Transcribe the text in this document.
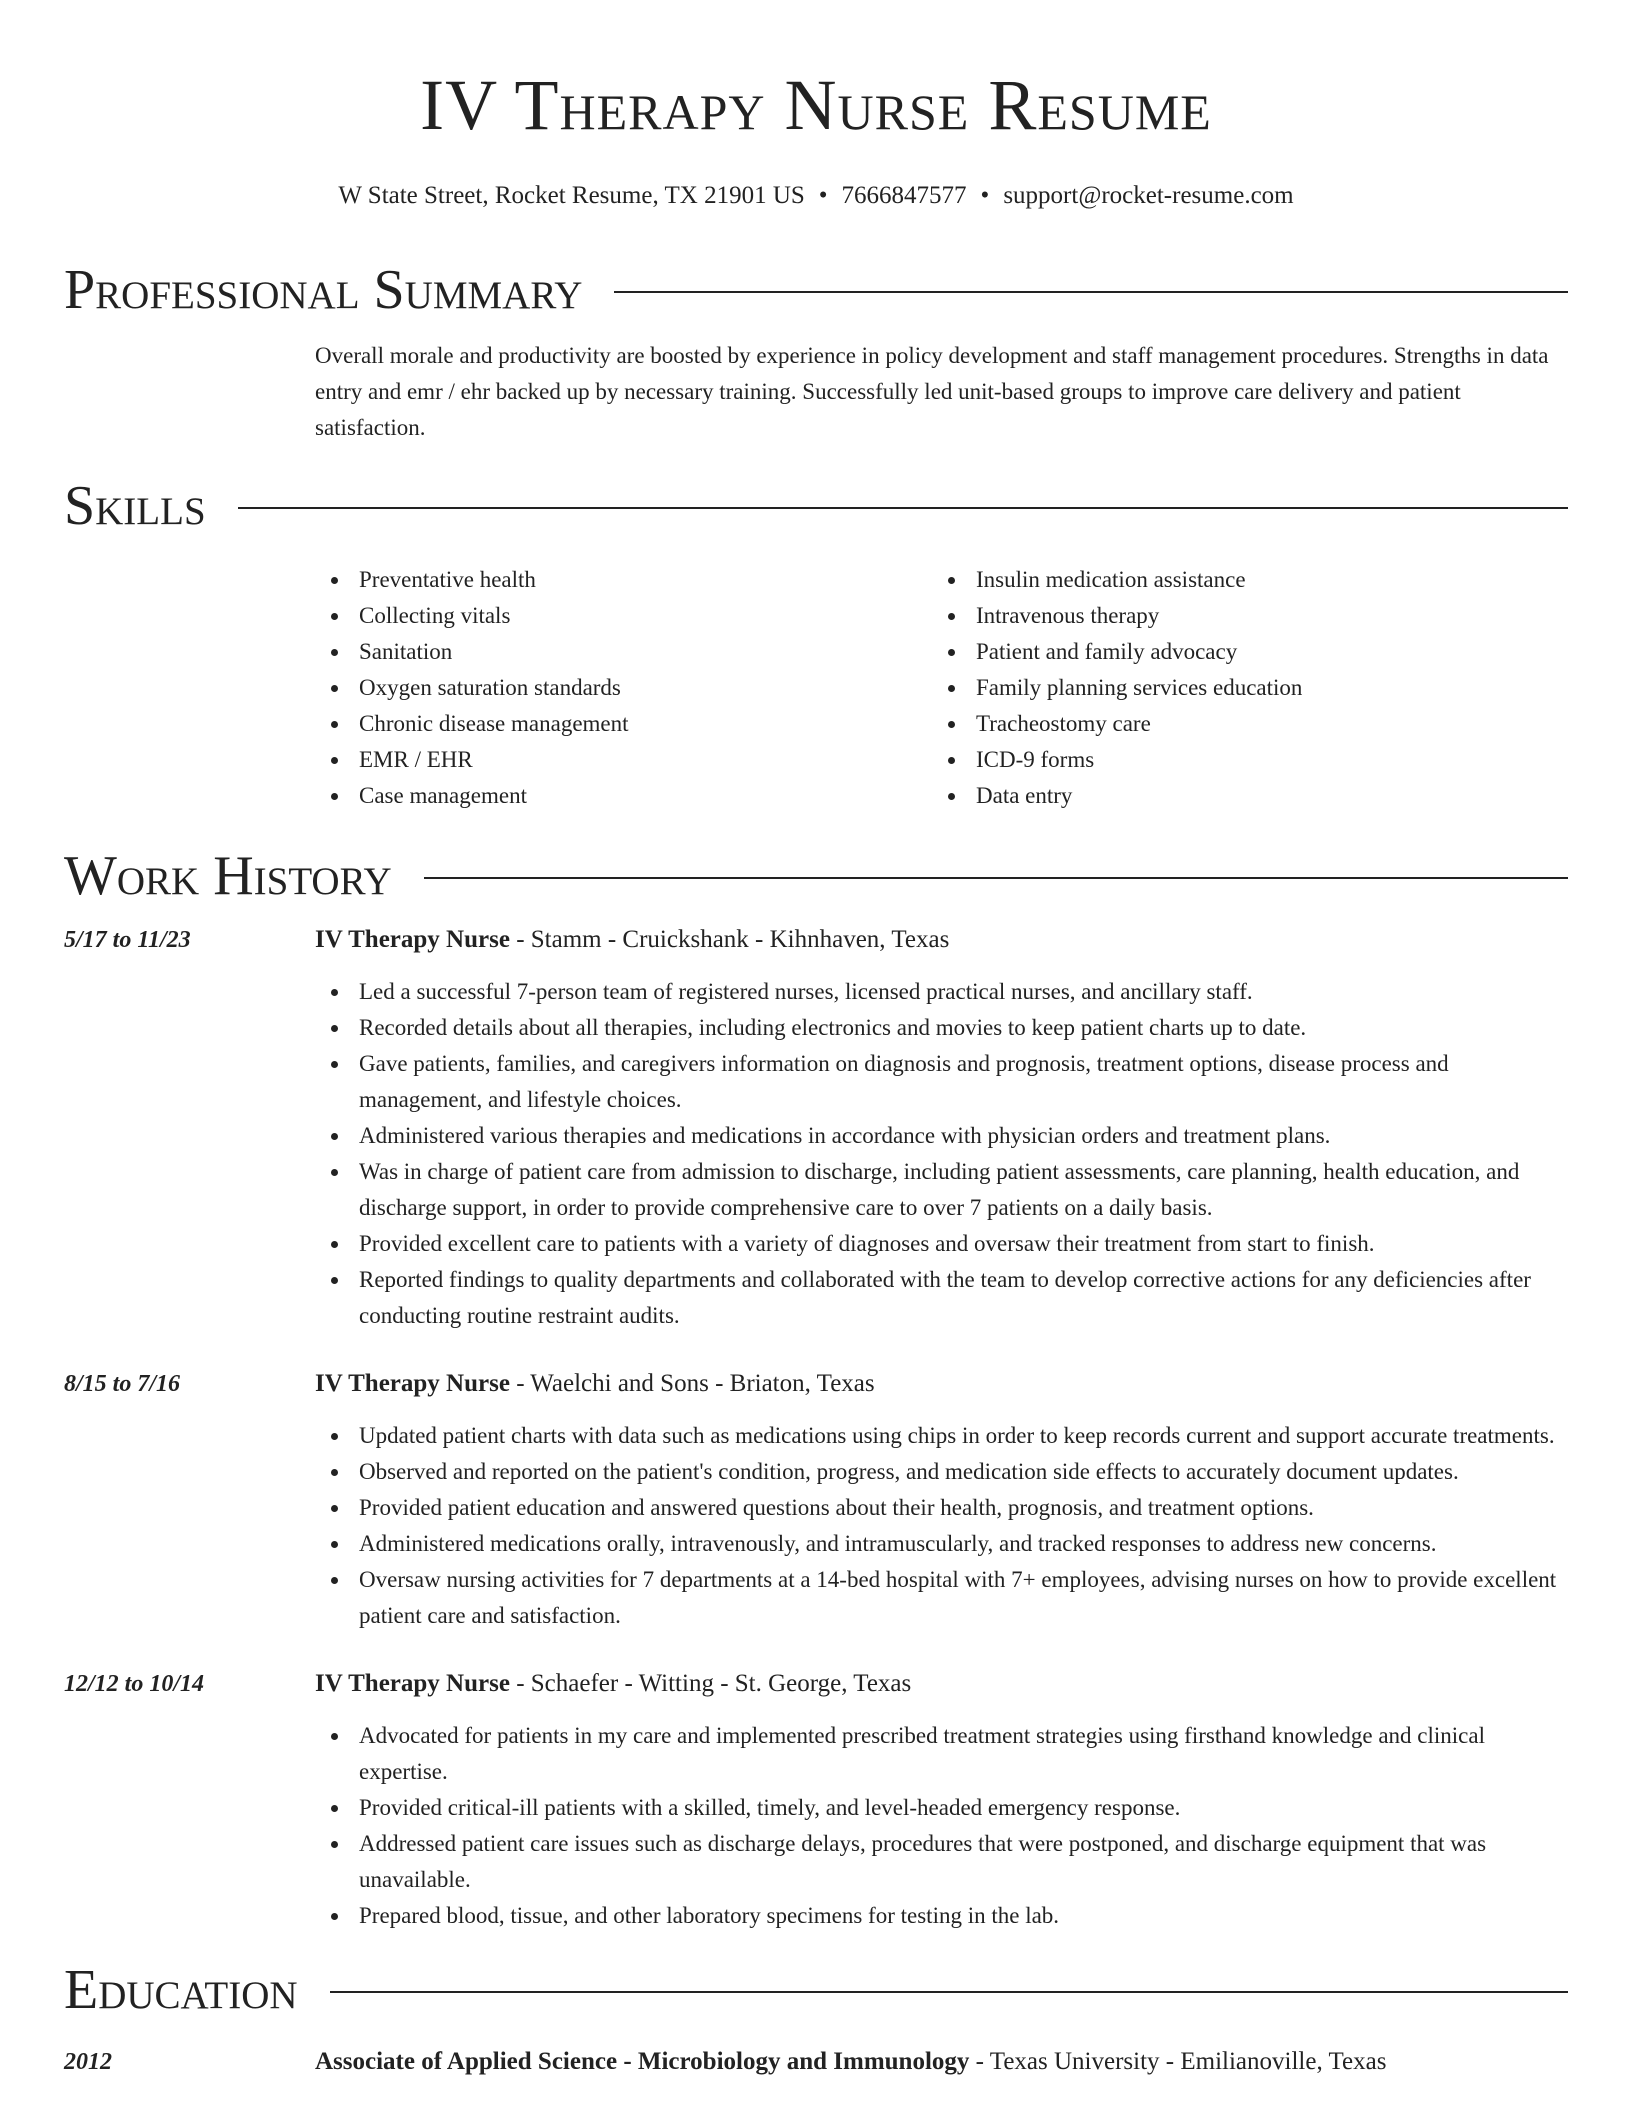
IV Therapy Nurse Resume
W State Street, Rocket Resume, TX 21901 US • 7666847577 • support@rocket-resume.com
Professional Summary

Overall morale and productivity are boosted by experience in policy development and staff management procedures. Strengths in data entry and emr / ehr backed up by necessary training. Successfully led unit-based groups to improve care delivery and patient satisfaction.

Skills
Preventative health
Collecting vitals
Sanitation
Oxygen saturation standards
Chronic disease management
EMR / EHR
Case management
Insulin medication assistance
Intravenous therapy
Patient and family advocacy
Family planning services education
Tracheostomy care
ICD-9 forms
Data entry
Work History
5/17 to 11/23	IV Therapy Nurse - Stamm - Cruickshank - Kihnhaven, Texas
Led a successful 7-person team of registered nurses, licensed practical nurses, and ancillary staff.
Recorded details about all therapies, including electronics and movies to keep patient charts up to date.
Gave patients, families, and caregivers information on diagnosis and prognosis, treatment options, disease process and management, and lifestyle choices.
Administered various therapies and medications in accordance with physician orders and treatment plans.
Was in charge of patient care from admission to discharge, including patient assessments, care planning, health education, and discharge support, in order to provide comprehensive care to over 7 patients on a daily basis.
Provided excellent care to patients with a variety of diagnoses and oversaw their treatment from start to finish.
Reported findings to quality departments and collaborated with the team to develop corrective actions for any deficiencies after conducting routine restraint audits.
8/15 to 7/16	IV Therapy Nurse - Waelchi and Sons - Briaton, Texas
Updated patient charts with data such as medications using chips in order to keep records current and support accurate treatments.
Observed and reported on the patient's condition, progress, and medication side effects to accurately document updates.
Provided patient education and answered questions about their health, prognosis, and treatment options.
Administered medications orally, intravenously, and intramuscularly, and tracked responses to address new concerns.
Oversaw nursing activities for 7 departments at a 14-bed hospital with 7+ employees, advising nurses on how to provide excellent patient care and satisfaction.
12/12 to 10/14	IV Therapy Nurse - Schaefer - Witting - St. George, Texas
Advocated for patients in my care and implemented prescribed treatment strategies using firsthand knowledge and clinical expertise.
Provided critical-ill patients with a skilled, timely, and level-headed emergency response.
Addressed patient care issues such as discharge delays, procedures that were postponed, and discharge equipment that was unavailable.
Prepared blood, tissue, and other laboratory specimens for testing in the lab.
Education
2012	Associate of Applied Science - Microbiology and Immunology - Texas University - Emilianoville, Texas
